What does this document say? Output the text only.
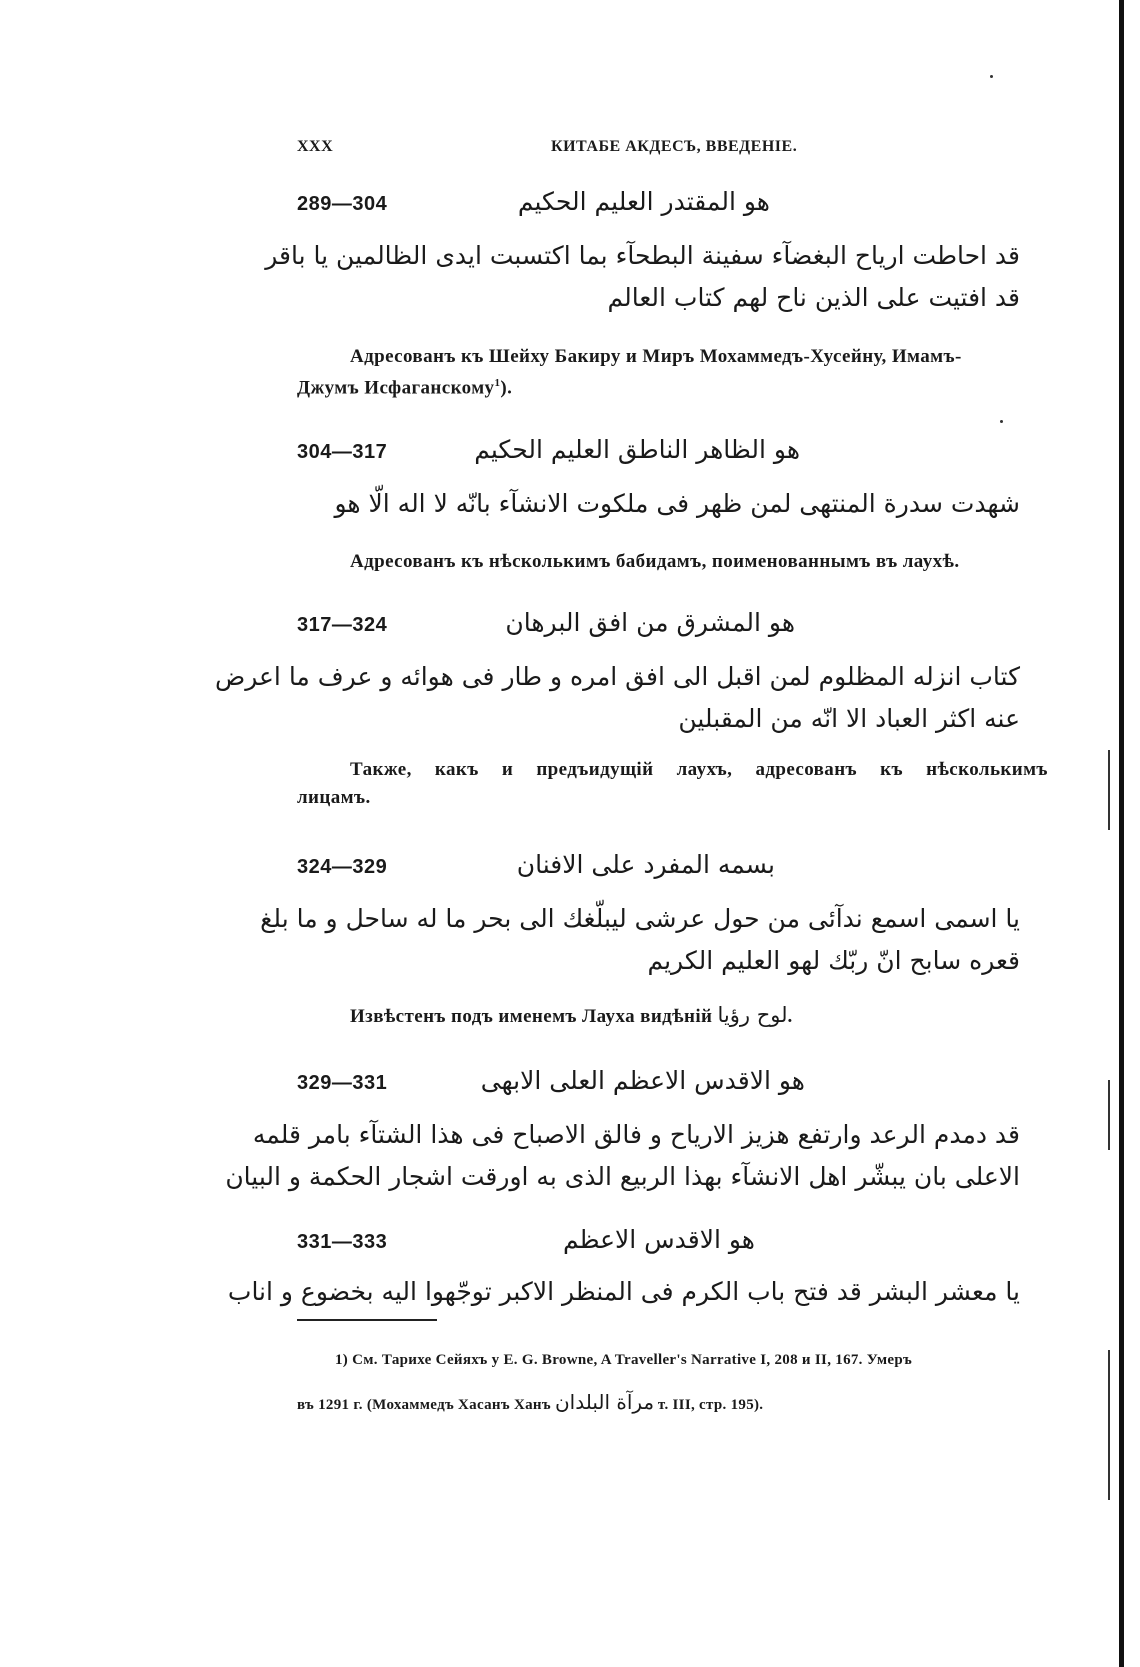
XXX	КИТАБЕ АКДЕСЪ, ВВЕДЕНІЕ.
289—304	هو المقتدر العليم الحکیم
قد احاطت ارياح البغضآء سفينة البطحآء بما اکتسبت ايدى الظالمين يا باقر
قد افتيت على الذين ناح لهم كتاب العالم
Адресованъ къ Шейху Бакиру и Миръ Мохаммедъ-Хусейну, Имамъ-
Джумъ Исфаганскому$^1$).
304—317	هو الظاهر الناطق العليم الحکیم
شهدت سدرة المنتهى لمن ظهر فى ملكوت الانشآء بانّه لا اله الّا هو
Адресованъ къ нѣсколькимъ бабидамъ, поименованнымъ въ лаухѣ.
317—324	هو المشرق من افق البرهان
كتاب انزله المظلوم لمن اقبل الى افق امره و طار فى هوائه و عرف ما اعرض
عنه اكثر العباد الا انّه من المقبلين
Также, какъ и предъидущій лаухъ, адресованъ къ нѣсколькимъ
лицамъ.
324—329	بسمه المفرد على الافنان
يا اسمى اسمع ندآئى من حول عرشى ليبلّغك الى بحر ما له ساحل و ما بلغ
قعره سابح انّ ربّك لهو العليم الكريم
Извѣстенъ подъ именемъ Лауха видѣній لوح رؤيا.
329—331	هو الاقدس الاعظم العلى الابهى
قد دمدم الرعد وارتفع هزيز الارياح و فالق الاصباح فى هذا الشتآء بامر قلمه
الاعلى بان يبشّر اهل الانشآء بهذا الربيع الذى به اورقت اشجار الحكمة و البيان
331—333	هو الاقدس الاعظم
يا معشر البشر قد فتح باب الكرم فى المنظر الاكبر توجّهوا اليه بخضوع و اناب
1) См. Тарихе Сейяхъ у E. G. Browne, A Traveller's Narrative I, 208 и II, 167. Умеръ
въ 1291 г. (Мохаммедъ Хасанъ Ханъ مرآة البلدان т. III, стр. 195).
